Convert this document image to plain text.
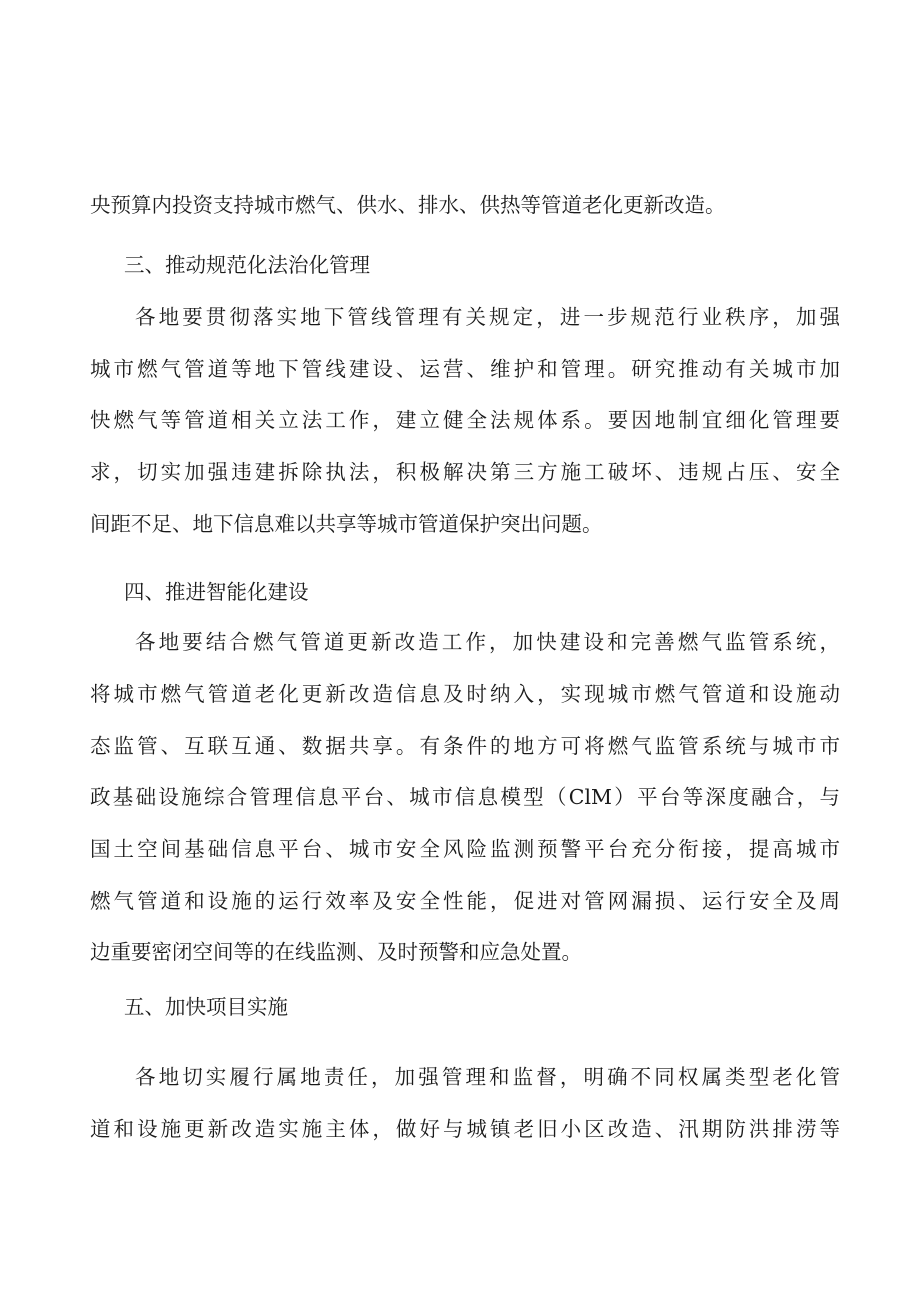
央预算内投资支持城市燃气、供水、排水、供热等管道老化更新改造。
三、推动规范化法治化管理
各地要贯彻落实地下管线管理有关规定，进一步规范行业秩序，加强
城市燃气管道等地下管线建设、运营、维护和管理。研究推动有关城市加
快燃气等管道相关立法工作，建立健全法规体系。要因地制宜细化管理要
求，切实加强违建拆除执法，积极解决第三方施工破坏、违规占压、安全
间距不足、地下信息难以共享等城市管道保护突出问题。
四、推进智能化建设
各地要结合燃气管道更新改造工作，加快建设和完善燃气监管系统，
将城市燃气管道老化更新改造信息及时纳入，实现城市燃气管道和设施动
态监管、互联互通、数据共享。有条件的地方可将燃气监管系统与城市市
政基础设施综合管理信息平台、城市信息模型（ClM）平台等深度融合，与
国土空间基础信息平台、城市安全风险监测预警平台充分衔接，提高城市
燃气管道和设施的运行效率及安全性能，促进对管网漏损、运行安全及周
边重要密闭空间等的在线监测、及时预警和应急处置。
五、加快项目实施
各地切实履行属地责任，加强管理和监督，明确不同权属类型老化管
道和设施更新改造实施主体，做好与城镇老旧小区改造、汛期防洪排涝等
